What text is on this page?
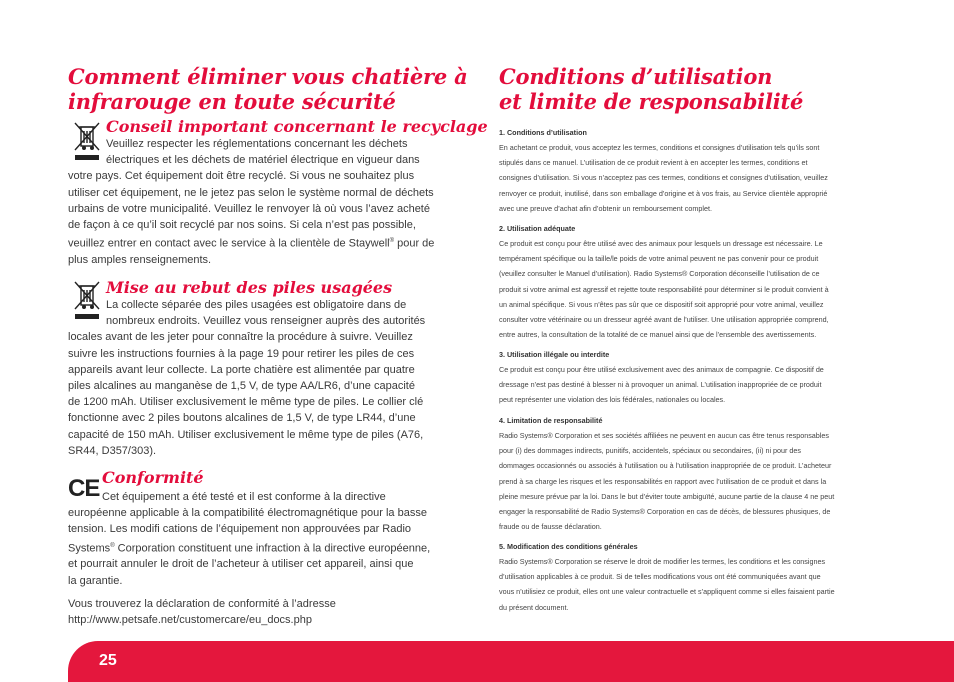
Comment éliminer vous chatière à
infrarouge en toute sécurité
Conseil important concernant le recyclage
Veuillez respecter les réglementations concernant les déchets
électriques et les déchets de matériel électrique en vigueur dans
votre pays. Cet équipement doit être recyclé. Si vous ne souhaitez plus
utiliser cet équipement, ne le jetez pas selon le système normal de déchets
urbains de votre municipalité. Veuillez le renvoyer là où vous l’avez acheté
de façon à ce qu’il soit recyclé par nos soins. Si cela n’est pas possible,
veuillez entrer en contact avec le service à la clientèle de Staywell® pour de
plus amples renseignements.
Mise au rebut des piles usagées
La collecte séparée des piles usagées est obligatoire dans de
nombreux endroits. Veuillez vous renseigner auprès des autorités
locales avant de les jeter pour connaître la procédure à suivre. Veuillez
suivre les instructions fournies à la page 19 pour retirer les piles de ces
appareils avant leur collecte. La porte chatière est alimentée par quatre
piles alcalines au manganèse de 1,5 V, de type AA/LR6, d’une capacité
de 1200 mAh. Utiliser exclusivement le même type de piles. Le collier clé
fonctionne avec 2 piles boutons alcalines de 1,5 V, de type LR44, d’une
capacité de 150 mAh. Utiliser exclusivement le même type de piles (A76,
SR44, D357/303).
CE Conformité
Cet équipement a été testé et il est conforme à la directive
européenne applicable à la compatibilité électromagnétique pour la basse
tension. Les modifi cations de l’équipement non approuvées par Radio
Systems® Corporation constituent une infraction à la directive européenne,
et pourrait annuler le droit de l’acheteur à utiliser cet appareil, ainsi que
la garantie.
Vous trouverez la déclaration de conformité à l’adresse
http://www.petsafe.net/customercare/eu_docs.php
Conditions d’utilisation
et limite de responsabilité
1. Conditions d’utilisation
En achetant ce produit, vous acceptez les termes, conditions et consignes d’utilisation tels qu’ils sont
stipulés dans ce manuel. L’utilisation de ce produit revient à en accepter les termes, conditions et
consignes d’utilisation. Si vous n’acceptez pas ces termes, conditions et consignes d’utilisation, veuillez
renvoyer ce produit, inutilisé, dans son emballage d’origine et à vos frais, au Service clientèle approprié
avec une preuve d’achat afin d’obtenir un remboursement complet.
2. Utilisation adéquate
Ce produit est conçu pour être utilisé avec des animaux pour lesquels un dressage est nécessaire. Le
tempérament spécifique ou la taille/le poids de votre animal peuvent ne pas convenir pour ce produit
(veuillez consulter le Manuel d’utilisation). Radio Systems® Corporation déconseille l’utilisation de ce
produit si votre animal est agressif et rejette toute responsabilité pour déterminer si le produit convient à
un animal spécifique. Si vous n’êtes pas sûr que ce dispositif soit approprié pour votre animal, veuillez
consulter votre vétérinaire ou un dresseur agréé avant de l’utiliser. Une utilisation appropriée comprend,
entre autres, la consultation de la totalité de ce manuel ainsi que de l’ensemble des avertissements.
3. Utilisation illégale ou interdite
Ce produit est conçu pour être utilisé exclusivement avec des animaux de compagnie. Ce dispositif de
dressage n’est pas destiné à blesser ni à provoquer un animal. L’utilisation inappropriée de ce produit
peut représenter une violation des lois fédérales, nationales ou locales.
4. Limitation de responsabilité
Radio Systems® Corporation et ses sociétés affiliées ne peuvent en aucun cas être tenus responsables
pour (i) des dommages indirects, punitifs, accidentels, spéciaux ou secondaires, (ii) ni pour des
dommages occasionnés ou associés à l’utilisation ou à l’utilisation inappropriée de ce produit. L’acheteur
prend à sa charge les risques et les responsabilités en rapport avec l’utilisation de ce produit et dans la
pleine mesure prévue par la loi. Dans le but d’éviter toute ambiguïté, aucune partie de la clause 4 ne peut
engager la responsabilité de Radio Systems® Corporation en cas de décès, de blessures phusiques, de
fraude ou de fausse déclaration.
5. Modification des conditions générales
Radio Systems® Corporation se réserve le droit de modifier les termes, les conditions et les consignes
d’utilisation applicables à ce produit. Si de telles modifications vous ont été communiquées avant que
vous n’utilisiez ce produit, elles ont une valeur contractuelle et s’appliquent comme si elles faisaient partie
du présent document.
25
